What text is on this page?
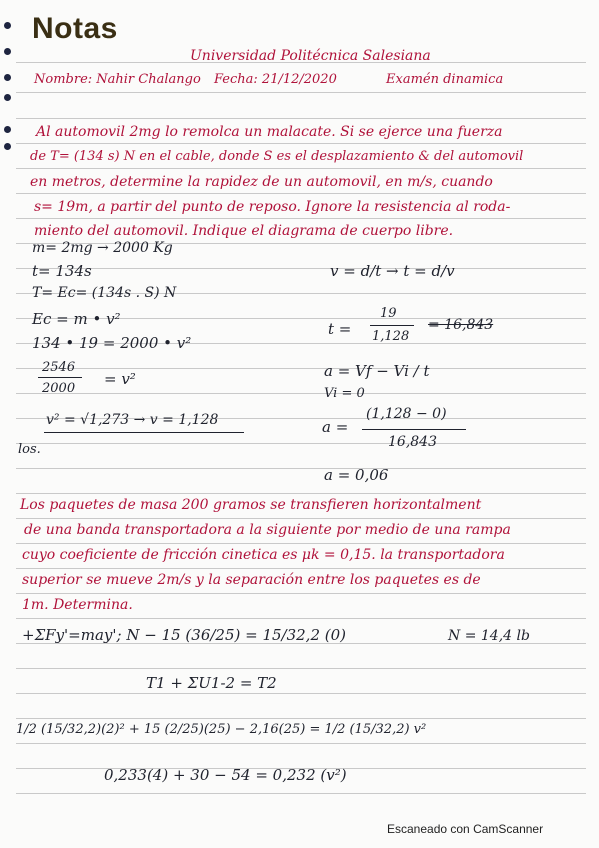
Notas
Universidad Politécnica Salesiana
Nombre: Nahir Chalango Fecha: 21/12/2020	Examén dinamica
Al automovil 2mg lo remolca un malacate. Si se ejerce una fuerza
de T= (134 s) N en el cable, donde S es el desplazamiento & del automovil
en metros, determine la rapidez de un automovil, en m/s, cuando
s= 19m, a partir del punto de reposo. Ignore la resistencia al roda-
miento del automovil. Indique el diagrama de cuerpo libre.
m= 2mg → 2000 Kg
t= 134s
T= Ec= (134s . S) N
Ec = m • v²
134 • 19 = 2000 • v²
2546
2000
= v²
v² = √1,273 → v = 1,128
los.
v = d/t → t = d/v
t =
19
1,128
= 16,843
a = Vf − Vi / t
Vi = 0
a =
(1,128 − 0)
16,843
a = 0,06
Los paquetes de masa 200 gramos se transfieren horizontalment
de una banda transportadora a la siguiente por medio de una rampa
cuyo coeficiente de fricción cinetica es μk = 0,15. la transportadora
superior se mueve 2m/s y la separación entre los paquetes es de
1m. Determina.
+ΣFy'=may'; N − 15 (36/25) = 15/32,2 (0)	N = 14,4 lb
T1 + ΣU1-2 = T2
1/2 (15/32,2)(2)² + 15 (2/25)(25) − 2,16(25) = 1/2 (15/32,2) v²
0,233(4) + 30 − 54 = 0,232 (v²)
Escaneado con CamScanner
